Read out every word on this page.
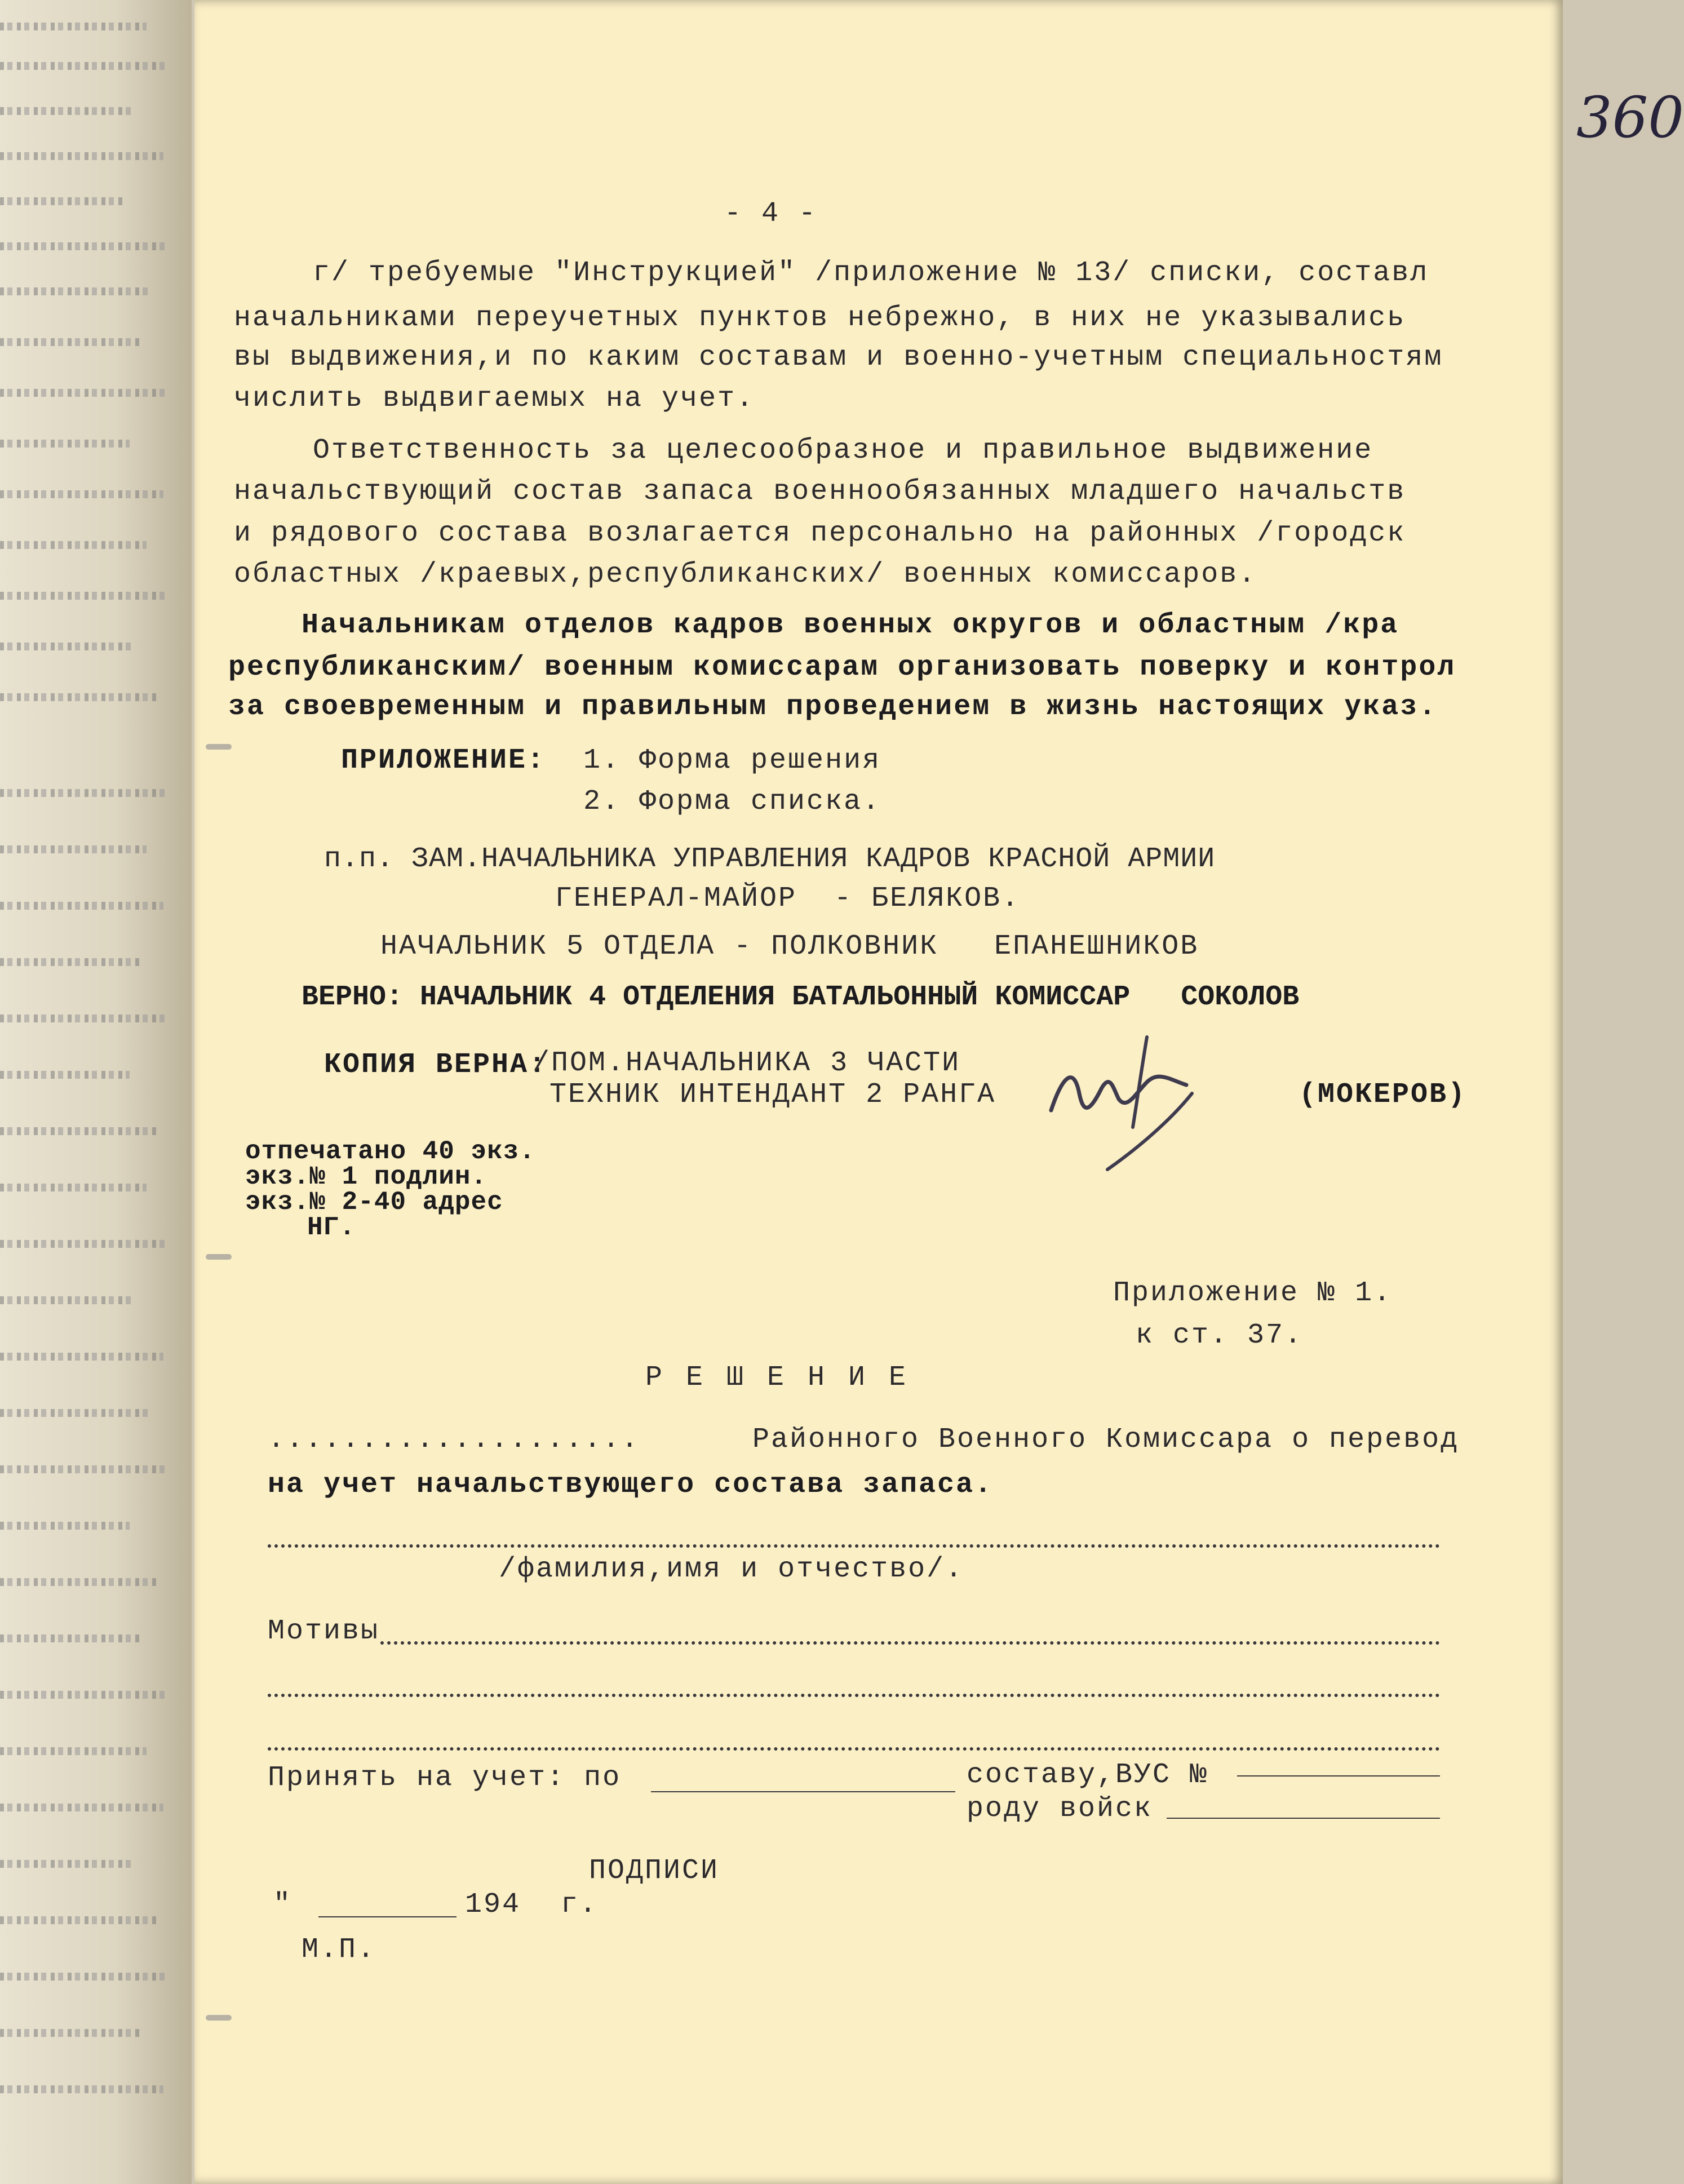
360
- 4 -
г/ требуемые "Инструкцией" /приложение № 13/ списки, составл
начальниками переучетных пунктов небрежно, в них не указывались
вы выдвижения,и по каким составам и военно-учетным специальностям
числить выдвигаемых на учет.
Ответственность за целесообразное и правильное выдвижение
начальствующий состав запаса военнообязанных младшего начальств
и рядового состава возлагается персонально на районных /городск
областных /краевых,республиканских/ военных комиссаров.
Начальникам отделов кадров военных округов и областным /кра
республиканским/ военным комиссарам организовать поверку и контрол
за своевременным и правильным проведением в жизнь настоящих указ.
ПРИЛОЖЕНИЕ: 1. Форма решения
2. Форма списка.
п.п. ЗАМ.НАЧАЛЬНИКА УПРАВЛЕНИЯ КАДРОВ КРАСНОЙ АРМИИ
ГЕНЕРАЛ-МАЙОР  - БЕЛЯКОВ.
НАЧАЛЬНИК 5 ОТДЕЛА - ПОЛКОВНИК   ЕПАНЕШНИКОВ
ВЕРНО: НАЧАЛЬНИК 4 ОТДЕЛЕНИЯ БАТАЛЬОННЫЙ КОМИССАР   СОКОЛОВ
КОПИЯ ВЕРНА:
/ПОМ.НАЧАЛЬНИКА 3 ЧАСТИ
ТЕХНИК ИНТЕНДАНТ 2 РАНГА	(МОКЕРОВ)
отпечатано 40 экз.
экз.№ 1 подлин.
экз.№ 2-40 адрес
НГ.
Приложение № 1.
к ст. 37.
Р Е Ш Е Н И Е
....................	Районного Военного Комиссара о перевод
на учет начальствующего состава запаса.
/фамилия,имя и отчество/.
Мотивы
Принять на учет: по	составу,ВУС №
роду войск
ПОДПИСИ
"	194 г.
М.П.
